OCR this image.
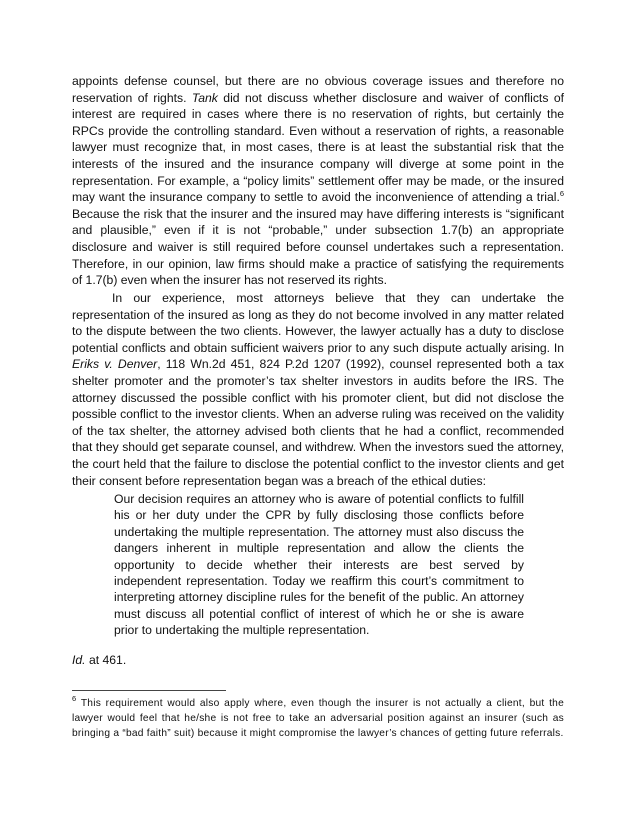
appoints defense counsel, but there are no obvious coverage issues and therefore no reservation of rights. Tank did not discuss whether disclosure and waiver of conflicts of interest are required in cases where there is no reservation of rights, but certainly the RPCs provide the controlling standard. Even without a reservation of rights, a reasonable lawyer must recognize that, in most cases, there is at least the substantial risk that the interests of the insured and the insurance company will diverge at some point in the representation. For example, a “policy limits” settlement offer may be made, or the insured may want the insurance company to settle to avoid the inconvenience of attending a trial.$^6$ Because the risk that the insurer and the insured may have differing interests is “significant and plausible,” even if it is not “probable,” under subsection 1.7(b) an appropriate disclosure and waiver is still required before counsel undertakes such a representation. Therefore, in our opinion, law firms should make a practice of satisfying the requirements of 1.7(b) even when the insurer has not reserved its rights.

In our experience, most attorneys believe that they can undertake the representation of the insured as long as they do not become involved in any matter related to the dispute between the two clients. However, the lawyer actually has a duty to disclose potential conflicts and obtain sufficient waivers prior to any such dispute actually arising. In Eriks v. Denver, 118 Wn.2d 451, 824 P.2d 1207 (1992), counsel represented both a tax shelter promoter and the promoter’s tax shelter investors in audits before the IRS. The attorney discussed the possible conflict with his promoter client, but did not disclose the possible conflict to the investor clients. When an adverse ruling was received on the validity of the tax shelter, the attorney advised both clients that he had a conflict, recommended that they should get separate counsel, and withdrew. When the investors sued the attorney, the court held that the failure to disclose the potential conflict to the investor clients and get their consent before representation began was a breach of the ethical duties:

Our decision requires an attorney who is aware of potential conflicts to fulfill his or her duty under the CPR by fully disclosing those conflicts before undertaking the multiple representation. The attorney must also discuss the dangers inherent in multiple representation and allow the clients the opportunity to decide whether their interests are best served by independent representation. Today we reaffirm this court’s commitment to interpreting attorney discipline rules for the benefit of the public. An attorney must discuss all potential conflict of interest of which he or she is aware prior to undertaking the multiple representation.

Id. at 461.

$^6$ This requirement would also apply where, even though the insurer is not actually a client, but the lawyer would feel that he/she is not free to take an adversarial position against an insurer (such as bringing a “bad faith” suit) because it might compromise the lawyer’s chances of getting future referrals.
